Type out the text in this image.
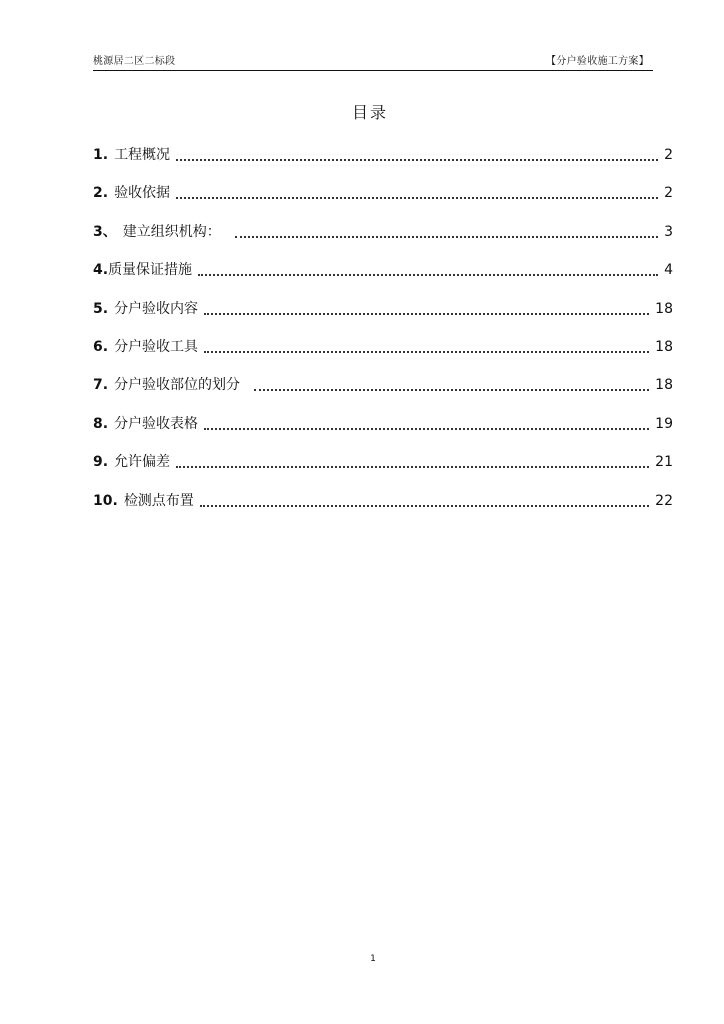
桃源居二区二标段	【分户验收施工方案】
目录
1. 工程概况	2
2. 验收依据	2
3、 建立组织机构：	3
4. 质量保证措施	4
5. 分户验收内容	18
6. 分户验收工具	18
7. 分户验收部位的划分	18
8. 分户验收表格	19
9. 允许偏差	21
10. 检测点布置	22
1
